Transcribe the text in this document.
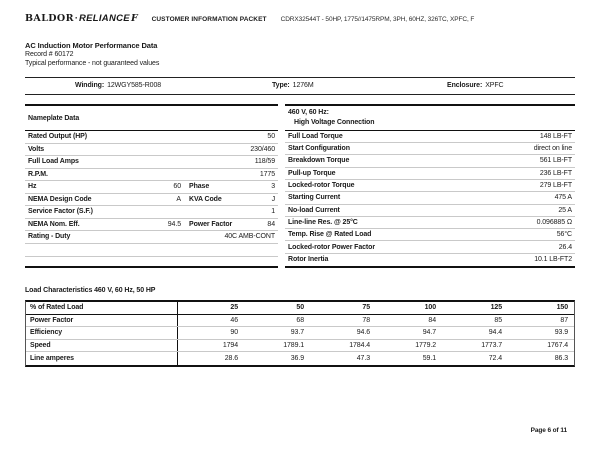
BALDOR·RELIANCEF CUSTOMER INFORMATION PACKET CDRX32544T - 50HP, 1775//1475RPM, 3PH, 60HZ, 326TC, XPFC, F
AC Induction Motor Performance Data
Record # 60172
Typical performance - not guaranteed values
Winding: 12WGY585-R008	Type: 1276M	Enclosure: XPFC
Nameplate Data
Rated Output (HP)	50
Volts	230/460
Full Load Amps	118/59
R.P.M.	1775
Hz	60 Phase	3
NEMA Design Code	A KVA Code	J
Service Factor (S.F.)	1
NEMA Nom. Eff.	94.5 Power Factor	84
Rating - Duty	40C AMB-CONT
460 V, 60 Hz:
High Voltage Connection
Full Load Torque	148 LB-FT
Start Configuration	direct on line
Breakdown Torque	561 LB-FT
Pull-up Torque	236 LB-FT
Locked-rotor Torque	279 LB-FT
Starting Current	475 A
No-load Current	25 A
Line-line Res. @ 25°C	0.096885 Ω
Temp. Rise @ Rated Load	56°C
Locked-rotor Power Factor	26.4
Rotor Inertia	10.1 LB-FT2
Load Characteristics 460 V, 60 Hz, 50 HP
% of Rated Load	25	50	75	100	125	150
Power Factor	46	68	78	84	85	87
Efficiency	90	93.7	94.6	94.7	94.4	93.9
Speed	1794	1789.1	1784.4	1779.2	1773.7	1767.4
Line amperes	28.6	36.9	47.3	59.1	72.4	86.3
Page 6 of 11
